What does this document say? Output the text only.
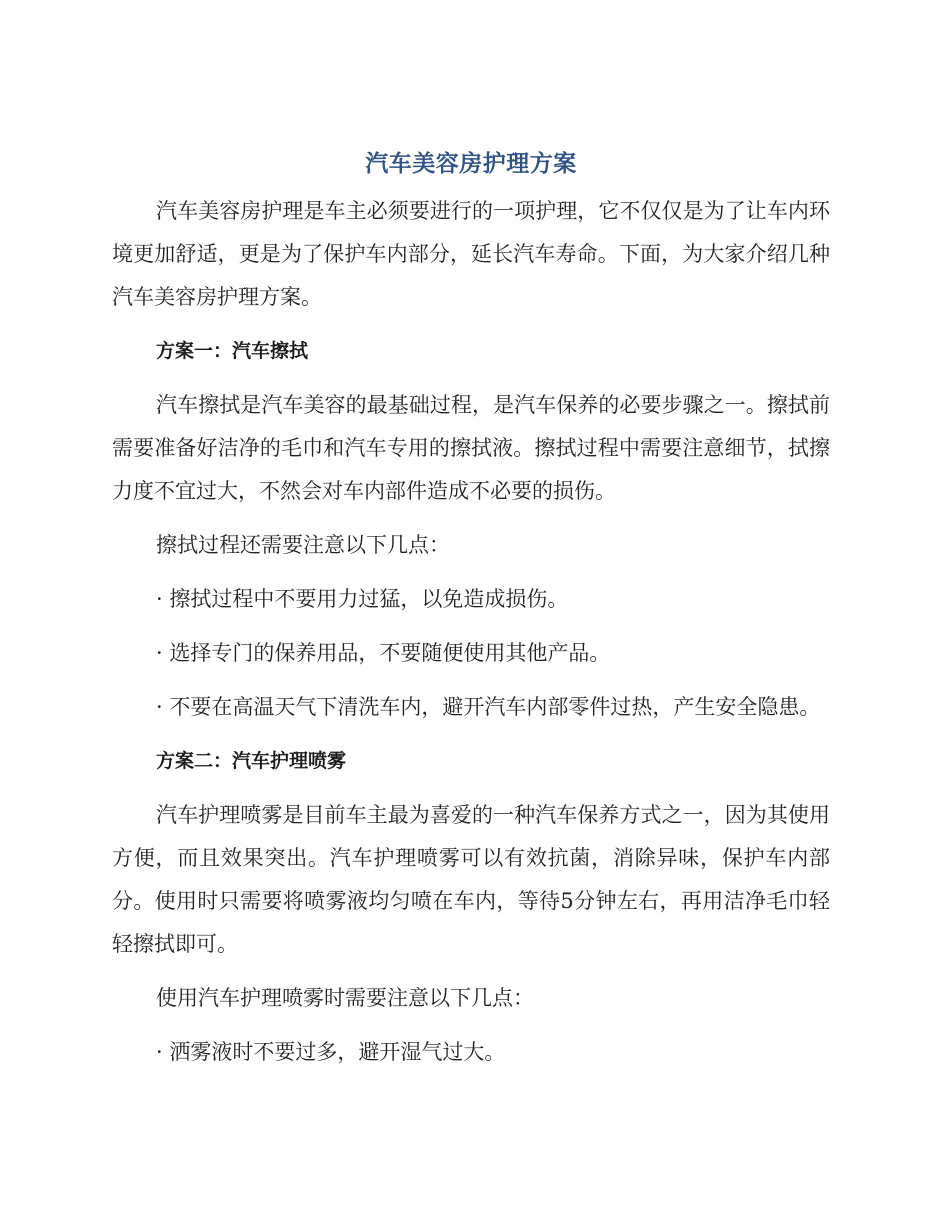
汽车美容房护理方案

汽车美容房护理是车主必须要进行的一项护理，它不仅仅是为了让车内环境更加舒适，更是为了保护车内部分，延长汽车寿命。下面，为大家介绍几种汽车美容房护理方案。

方案一：汽车擦拭

汽车擦拭是汽车美容的最基础过程，是汽车保养的必要步骤之一。擦拭前需要准备好洁净的毛巾和汽车专用的擦拭液。擦拭过程中需要注意细节，拭擦力度不宜过大，不然会对车内部件造成不必要的损伤。

擦拭过程还需要注意以下几点：

· 擦拭过程中不要用力过猛，以免造成损伤。

· 选择专门的保养用品，不要随便使用其他产品。

· 不要在高温天气下清洗车内，避开汽车内部零件过热，产生安全隐患。

方案二：汽车护理喷雾

汽车护理喷雾是目前车主最为喜爱的一种汽车保养方式之一，因为其使用方便，而且效果突出。汽车护理喷雾可以有效抗菌，消除异味，保护车内部分。使用时只需要将喷雾液均匀喷在车内，等待5分钟左右，再用洁净毛巾轻轻擦拭即可。

使用汽车护理喷雾时需要注意以下几点：

· 洒雾液时不要过多，避开湿气过大。
